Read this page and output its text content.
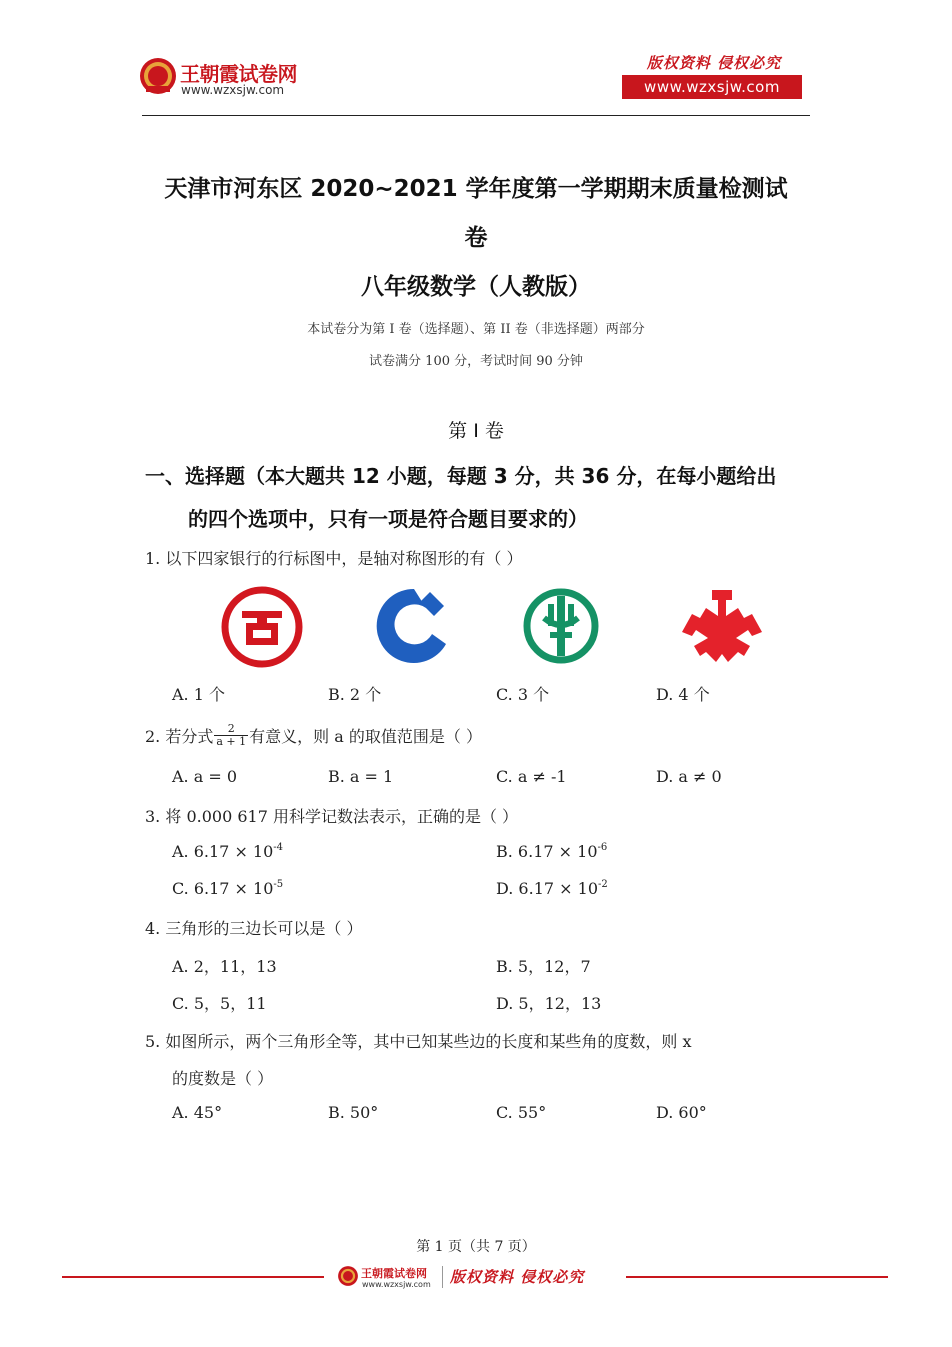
王朝霞试卷网
www.wzxsjw.com
版权资料 侵权必究
www.wzxsjw.com
天津市河东区 2020~2021 学年度第一学期期末质量检测试
卷
八年级数学（人教版）
本试卷分为第 I 卷（选择题）、第 II 卷（非选择题）两部分
试卷满分 100 分，考试时间 90 分钟
第 I 卷
一、选择题（本大题共 12 小题，每题 3 分，共 36 分，在每小题给出
的四个选项中，只有一项是符合题目要求的）
1. 以下四家银行的行标图中，是轴对称图形的有（ ）
A. 1 个	B. 2 个	C. 3 个	D. 4 个
2. 若分式 $\frac{2}{a + 1}$ 有意义，则 a 的取值范围是（ ）
A. a = 0	B. a = 1	C. a ≠ -1	D. a ≠ 0
3. 将 0.000 617 用科学记数法表示，正确的是（ ）
A. $6.17 \times 10^{-4}$	B. $6.17 \times 10^{-6}$
C. $6.17 \times 10^{-5}$	D. $6.17 \times 10^{-2}$
4. 三角形的三边长可以是（ ）
A. 2，11，13	B. 5，12，7
C. 5，5，11	D. 5，12，13
5. 如图所示，两个三角形全等，其中已知某些边的长度和某些角的度数，则 x
的度数是（ ）
A. 45°	B. 50°	C. 55°	D. 60°
第 1 页（共 7 页）
王朝霞试卷网
www.wzxsjw.com 版权资料 侵权必究
